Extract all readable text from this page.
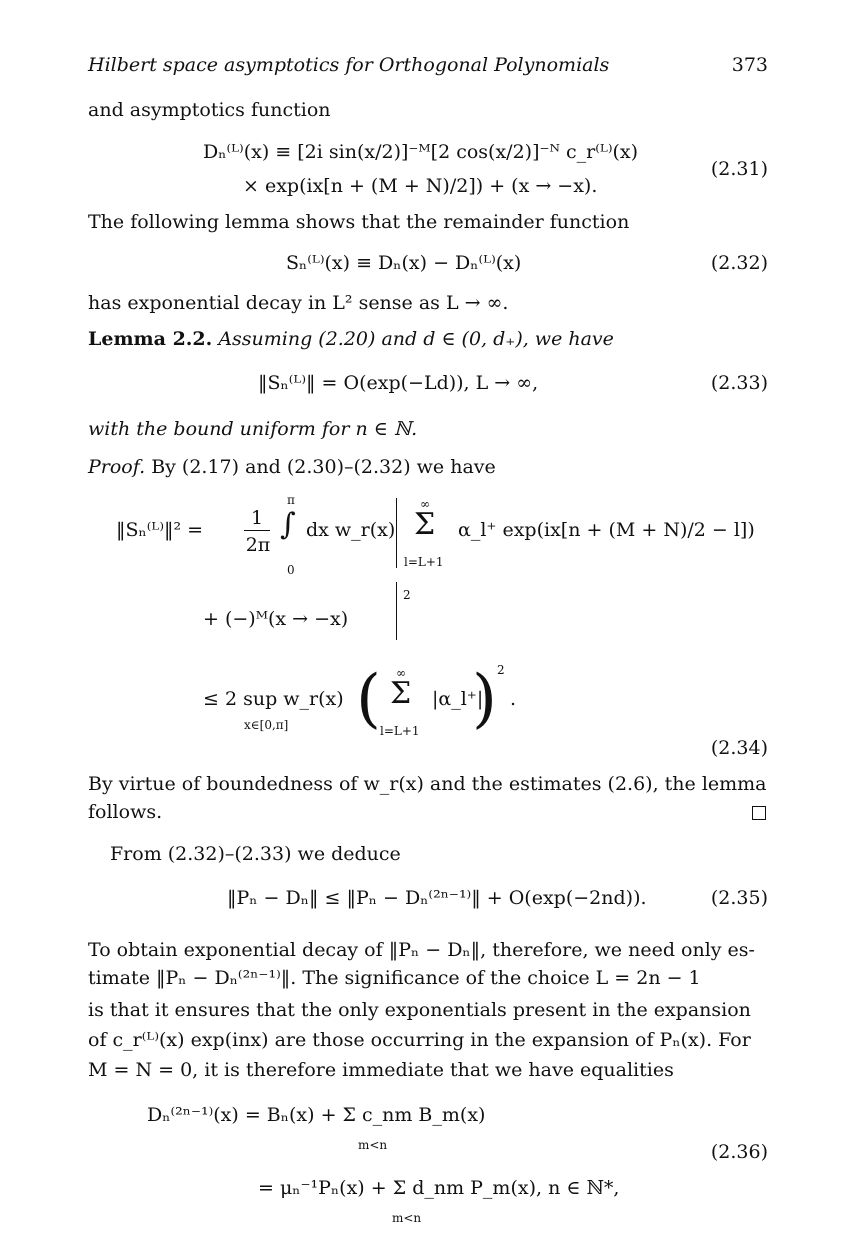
Hilbert space asymptotics for Orthogonal Polynomials	373
and asymptotics function
Dₙ⁽ᴸ⁾(x) ≡ [2i sin(x/2)]⁻ᴹ[2 cos(x/2)]⁻ᴺ c_r⁽ᴸ⁾(x)
× exp(ix[n + (M + N)/2]) + (x → −x).
(2.31)
The following lemma shows that the remainder function
Sₙ⁽ᴸ⁾(x) ≡ Dₙ(x) − Dₙ⁽ᴸ⁾(x)	(2.32)
has exponential decay in L² sense as L → ∞.
Lemma 2.2. Assuming (2.20) and d ∈ (0, d₊), we have
‖Sₙ⁽ᴸ⁾‖ = O(exp(−Ld)), L → ∞,	(2.33)
with the bound uniform for n ∈ ℕ.
Proof. By (2.17) and (2.30)–(2.32) we have
‖Sₙ⁽ᴸ⁾‖² =
1
2π
π
∫
0
dx w_r(x)
∞
Σ
l=L+1
α_l⁺ exp(ix[n + (M + N)/2 − l])
+ (−)ᴹ(x → −x)
2
≤ 2 sup w_r(x)
x∈[0,π] ( ∞
Σ
l=L+1
|α_l⁺|
) 2
.
(2.34)
By virtue of boundedness of w_r(x) and the estimates (2.6), the lemma
follows.
From (2.32)–(2.33) we deduce
‖Pₙ − Dₙ‖ ≤ ‖Pₙ − Dₙ⁽²ⁿ⁻¹⁾‖ + O(exp(−2nd)).	(2.35)
To obtain exponential decay of ‖Pₙ − Dₙ‖, therefore, we need only es-
timate ‖Pₙ − Dₙ⁽²ⁿ⁻¹⁾‖. The significance of the choice L = 2n − 1
is that it ensures that the only exponentials present in the expansion
of c_r⁽ᴸ⁾(x) exp(inx) are those occurring in the expansion of Pₙ(x). For
M = N = 0, it is therefore immediate that we have equalities
Dₙ⁽²ⁿ⁻¹⁾(x) = Bₙ(x) + Σ c_nm B_m(x)
m<n
= μₙ⁻¹Pₙ(x) + Σ d_nm P_m(x), n ∈ ℕ*,
m<n
(2.36)
